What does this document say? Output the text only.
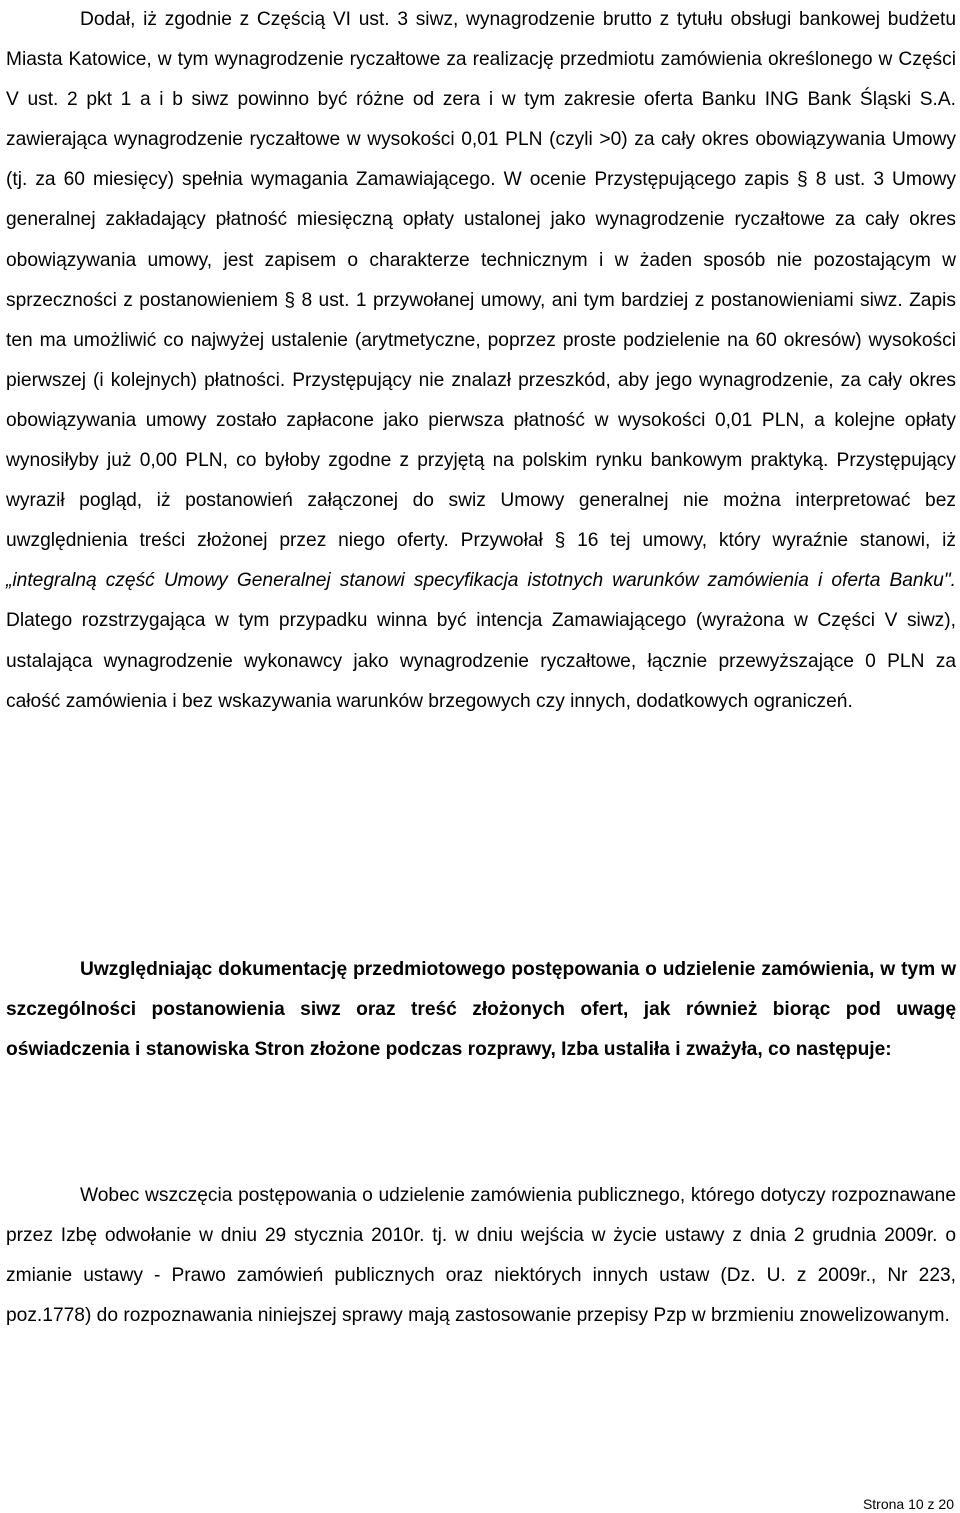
Dodał, iż zgodnie z Częścią VI ust. 3 siwz, wynagrodzenie brutto z tytułu obsługi bankowej budżetu Miasta Katowice, w tym wynagrodzenie ryczałtowe za realizację przedmiotu zamówienia określonego w Części V ust. 2 pkt 1 a i b siwz powinno być różne od zera i w tym zakresie oferta Banku ING Bank Śląski S.A. zawierająca wynagrodzenie ryczałtowe w wysokości 0,01 PLN (czyli >0) za cały okres obowiązywania Umowy (tj. za 60 miesięcy) spełnia wymagania Zamawiającego. W ocenie Przystępującego zapis § 8 ust. 3 Umowy generalnej zakładający płatność miesięczną opłaty ustalonej jako wynagrodzenie ryczałtowe za cały okres obowiązywania umowy, jest zapisem o charakterze technicznym i w żaden sposób nie pozostającym w sprzeczności z postanowieniem § 8 ust. 1 przywołanej umowy, ani tym bardziej z postanowieniami siwz. Zapis ten ma umożliwić co najwyżej ustalenie (arytmetyczne, poprzez proste podzielenie na 60 okresów) wysokości pierwszej (i kolejnych) płatności. Przystępujący nie znalazł przeszkód, aby jego wynagrodzenie, za cały okres obowiązywania umowy zostało zapłacone jako pierwsza płatność w wysokości 0,01 PLN, a kolejne opłaty wynosiłyby już 0,00 PLN, co byłoby zgodne z przyjętą na polskim rynku bankowym praktyką. Przystępujący wyraził pogląd, iż postanowień załączonej do swiz Umowy generalnej nie można interpretować bez uwzględnienia treści złożonej przez niego oferty. Przywołał § 16 tej umowy, który wyraźnie stanowi, iż „integralną część Umowy Generalnej stanowi specyfikacja istotnych warunków zamówienia i oferta Banku". Dlatego rozstrzygająca w tym przypadku winna być intencja Zamawiającego (wyrażona w Części V siwz), ustalająca wynagrodzenie wykonawcy jako wynagrodzenie ryczałtowe, łącznie przewyższające 0 PLN za całość zamówienia i bez wskazywania warunków brzegowych czy innych, dodatkowych ograniczeń.

Uwzględniając dokumentację przedmiotowego postępowania o udzielenie zamówienia, w tym w szczególności postanowienia siwz oraz treść złożonych ofert, jak również biorąc pod uwagę oświadczenia i stanowiska Stron złożone podczas rozprawy, Izba ustaliła i zważyła, co następuje:

Wobec wszczęcia postępowania o udzielenie zamówienia publicznego, którego dotyczy rozpoznawane przez Izbę odwołanie w dniu 29 stycznia 2010r. tj. w dniu wejścia w życie ustawy z dnia 2 grudnia 2009r. o zmianie ustawy - Prawo zamówień publicznych oraz niektórych innych ustaw (Dz. U. z 2009r., Nr 223, poz.1778) do rozpoznawania niniejszej sprawy mają zastosowanie przepisy Pzp w brzmieniu znowelizowanym.

Strona 10 z 20
